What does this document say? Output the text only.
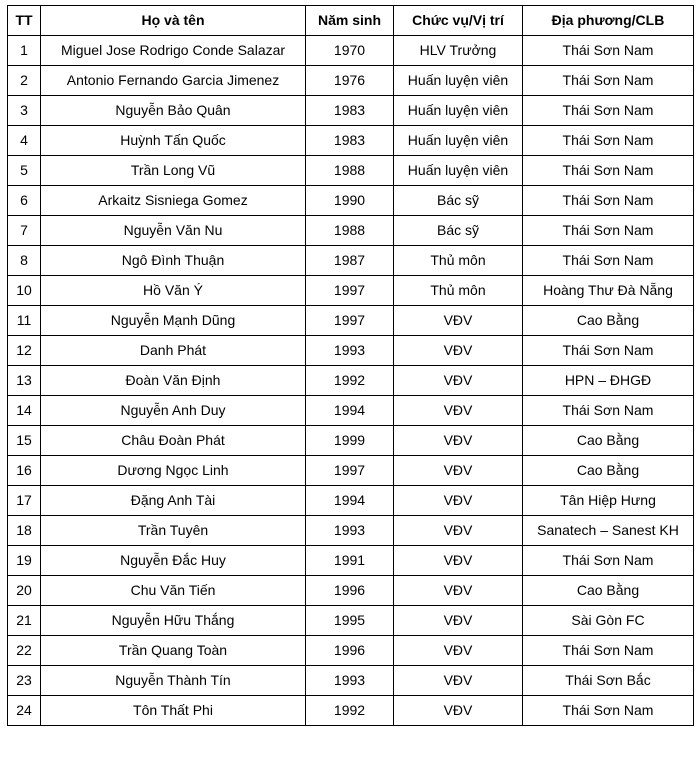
TT	Họ và tên	Năm sinh	Chức vụ/Vị trí	Địa phương/CLB
1	Miguel Jose Rodrigo Conde Salazar	1970	HLV Trưởng	Thái Sơn Nam
2	Antonio Fernando Garcia Jimenez	1976	Huấn luyện viên	Thái Sơn Nam
3	Nguyễn Bảo Quân	1983	Huấn luyện viên	Thái Sơn Nam
4	Huỳnh Tấn Quốc	1983	Huấn luyện viên	Thái Sơn Nam
5	Trần Long Vũ	1988	Huấn luyện viên	Thái Sơn Nam
6	Arkaitz Sisniega Gomez	1990	Bác sỹ	Thái Sơn Nam
7	Nguyễn Văn Nu	1988	Bác sỹ	Thái Sơn Nam
8	Ngô Đình Thuận	1987	Thủ môn	Thái Sơn Nam
10	Hồ Văn Ý	1997	Thủ môn	Hoàng Thư Đà Nẵng
11	Nguyễn Mạnh Dũng	1997	VĐV	Cao Bằng
12	Danh Phát	1993	VĐV	Thái Sơn Nam
13	Đoàn Văn Định	1992	VĐV	HPN – ĐHGĐ
14	Nguyễn Anh Duy	1994	VĐV	Thái Sơn Nam
15	Châu Đoàn Phát	1999	VĐV	Cao Bằng
16	Dương Ngọc Linh	1997	VĐV	Cao Bằng
17	Đặng Anh Tài	1994	VĐV	Tân Hiệp Hưng
18	Trần Tuyên	1993	VĐV	Sanatech – Sanest KH
19	Nguyễn Đắc Huy	1991	VĐV	Thái Sơn Nam
20	Chu Văn Tiến	1996	VĐV	Cao Bằng
21	Nguyễn Hữu Thắng	1995	VĐV	Sài Gòn FC
22	Trần Quang Toàn	1996	VĐV	Thái Sơn Nam
23	Nguyễn Thành Tín	1993	VĐV	Thái Sơn Bắc
24	Tôn Thất Phi	1992	VĐV	Thái Sơn Nam
